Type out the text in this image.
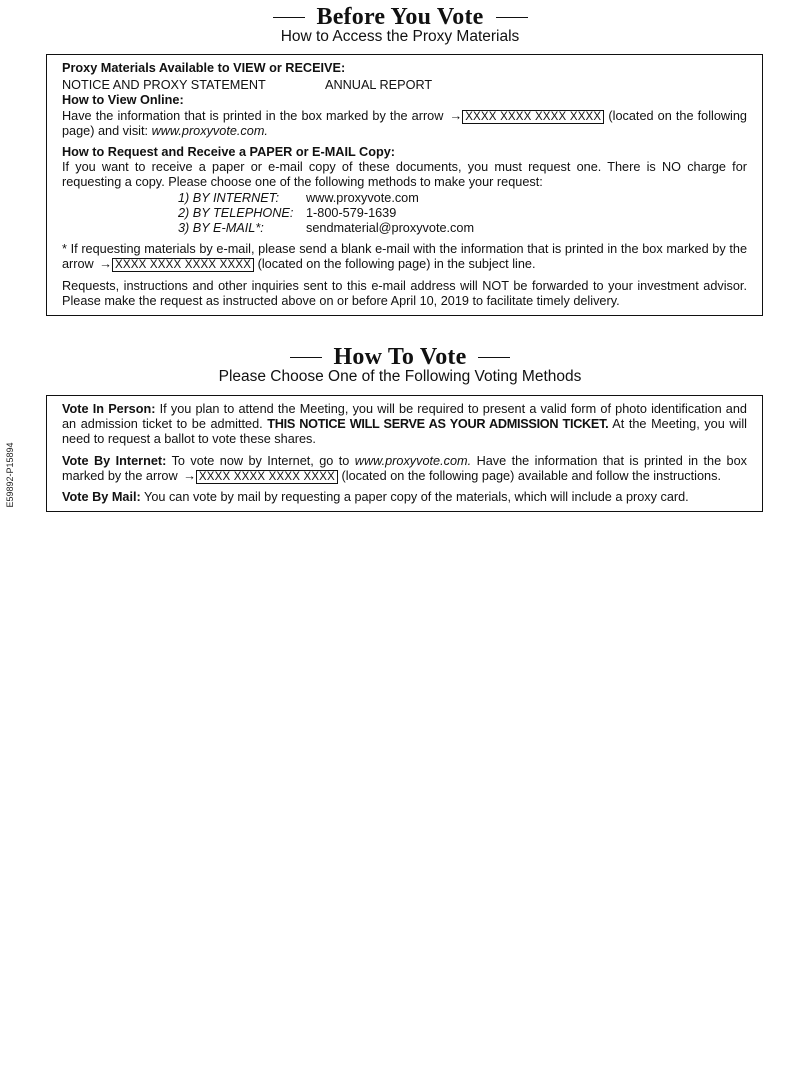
Before You Vote
How to Access the Proxy Materials
Proxy Materials Available to VIEW or RECEIVE:
NOTICE AND PROXY STATEMENT	ANNUAL REPORT
How to View Online:
Have the information that is printed in the box marked by the arrow → XXXX XXXX XXXX XXXX (located on the following page) and visit: www.proxyvote.com.
How to Request and Receive a PAPER or E-MAIL Copy:
If you want to receive a paper or e-mail copy of these documents, you must request one. There is NO charge for requesting a copy. Please choose one of the following methods to make your request:
1) BY INTERNET:	www.proxyvote.com
2) BY TELEPHONE: 1-800-579-1639
3) BY E-MAIL*:	sendmaterial@proxyvote.com
* If requesting materials by e-mail, please send a blank e-mail with the information that is printed in the box marked by the arrow → XXXX XXXX XXXX XXXX (located on the following page) in the subject line.
Requests, instructions and other inquiries sent to this e-mail address will NOT be forwarded to your investment advisor. Please make the request as instructed above on or before April 10, 2019 to facilitate timely delivery.
How To Vote
Please Choose One of the Following Voting Methods
Vote In Person: If you plan to attend the Meeting, you will be required to present a valid form of photo identification and an admission ticket to be admitted. THIS NOTICE WILL SERVE AS YOUR ADMISSION TICKET. At the Meeting, you will need to request a ballot to vote these shares.
Vote By Internet: To vote now by Internet, go to www.proxyvote.com. Have the information that is printed in the box marked by the arrow → XXXX XXXX XXXX XXXX (located on the following page) available and follow the instructions.
Vote By Mail: You can vote by mail by requesting a paper copy of the materials, which will include a proxy card.
E59892-P15894
